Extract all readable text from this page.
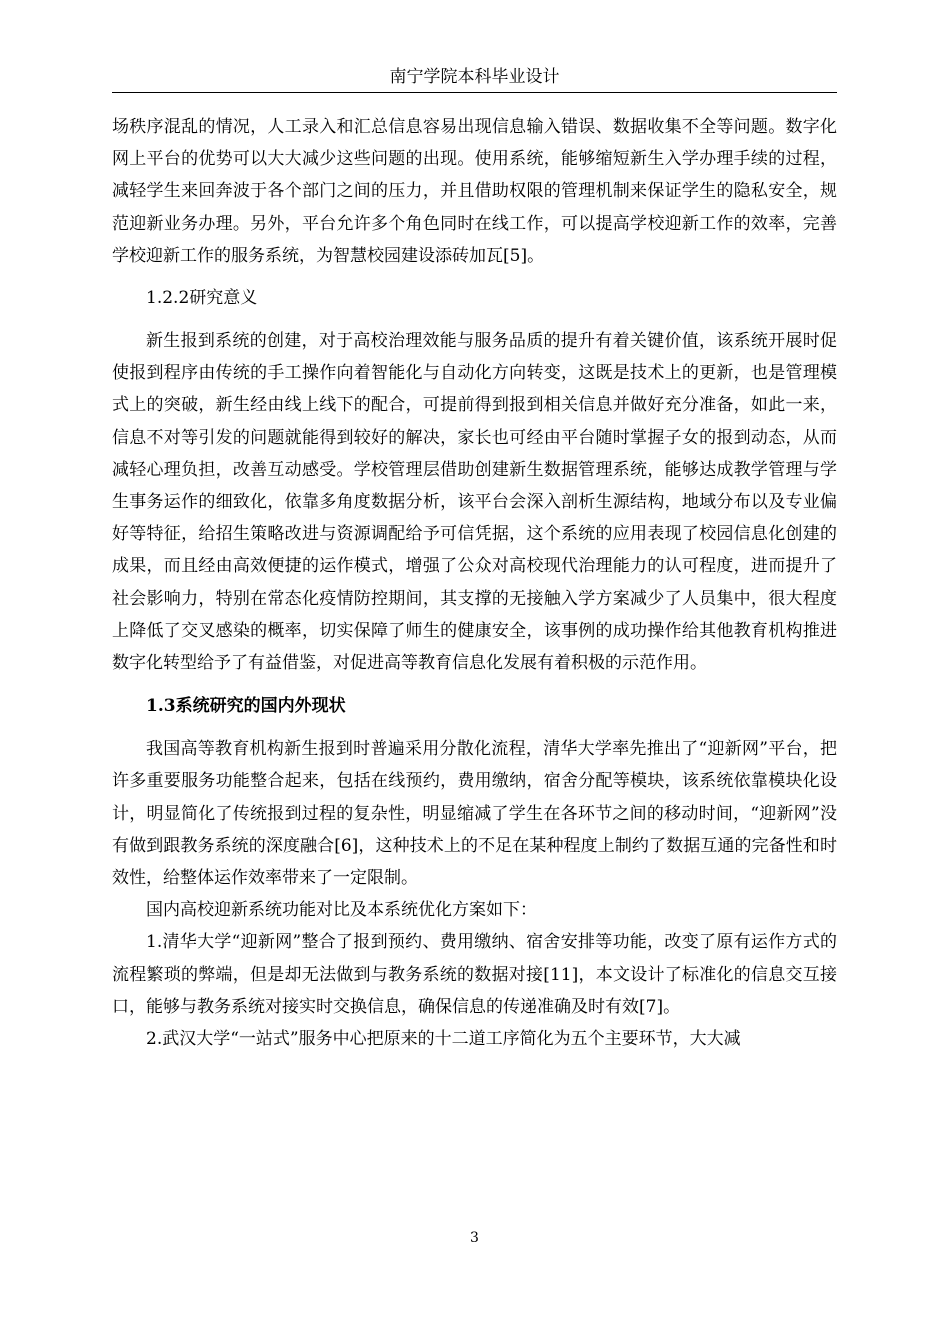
南宁学院本科毕业设计

场秩序混乱的情况，人工录入和汇总信息容易出现信息输入错误、数据收集不全等问题。数字化网上平台的优势可以大大减少这些问题的出现。使用系统，能够缩短新生入学办理手续的过程，减轻学生来回奔波于各个部门之间的压力，并且借助权限的管理机制来保证学生的隐私安全，规范迎新业务办理。另外，平台允许多个角色同时在线工作，可以提高学校迎新工作的效率，完善学校迎新工作的服务系统，为智慧校园建设添砖加瓦[5]。

1.2.2研究意义

新生报到系统的创建，对于高校治理效能与服务品质的提升有着关键价值，该系统开展时促使报到程序由传统的手工操作向着智能化与自动化方向转变，这既是技术上的更新，也是管理模式上的突破，新生经由线上线下的配合，可提前得到报到相关信息并做好充分准备，如此一来，信息不对等引发的问题就能得到较好的解决，家长也可经由平台随时掌握子女的报到动态，从而减轻心理负担，改善互动感受。学校管理层借助创建新生数据管理系统，能够达成教学管理与学生事务运作的细致化，依靠多角度数据分析，该平台会深入剖析生源结构，地域分布以及专业偏好等特征，给招生策略改进与资源调配给予可信凭据，这个系统的应用表现了校园信息化创建的成果，而且经由高效便捷的运作模式，增强了公众对高校现代治理能力的认可程度，进而提升了社会影响力，特别在常态化疫情防控期间，其支撑的无接触入学方案减少了人员集中，很大程度上降低了交叉感染的概率，切实保障了师生的健康安全，该事例的成功操作给其他教育机构推进数字化转型给予了有益借鉴，对促进高等教育信息化发展有着积极的示范作用。

1.3系统研究的国内外现状

我国高等教育机构新生报到时普遍采用分散化流程，清华大学率先推出了“迎新网”平台，把许多重要服务功能整合起来，包括在线预约，费用缴纳，宿舍分配等模块，该系统依靠模块化设计，明显简化了传统报到过程的复杂性，明显缩减了学生在各环节之间的移动时间，“迎新网”没有做到跟教务系统的深度融合[6]，这种技术上的不足在某种程度上制约了数据互通的完备性和时效性，给整体运作效率带来了一定限制。

国内高校迎新系统功能对比及本系统优化方案如下：

1.清华大学“迎新网”整合了报到预约、费用缴纳、宿舍安排等功能，改变了原有运作方式的流程繁琐的弊端，但是却无法做到与教务系统的数据对接[11]，本文设计了标准化的信息交互接口，能够与教务系统对接实时交换信息，确保信息的传递准确及时有效[7]。

2.武汉大学“一站式”服务中心把原来的十二道工序简化为五个主要环节，大大减

3
